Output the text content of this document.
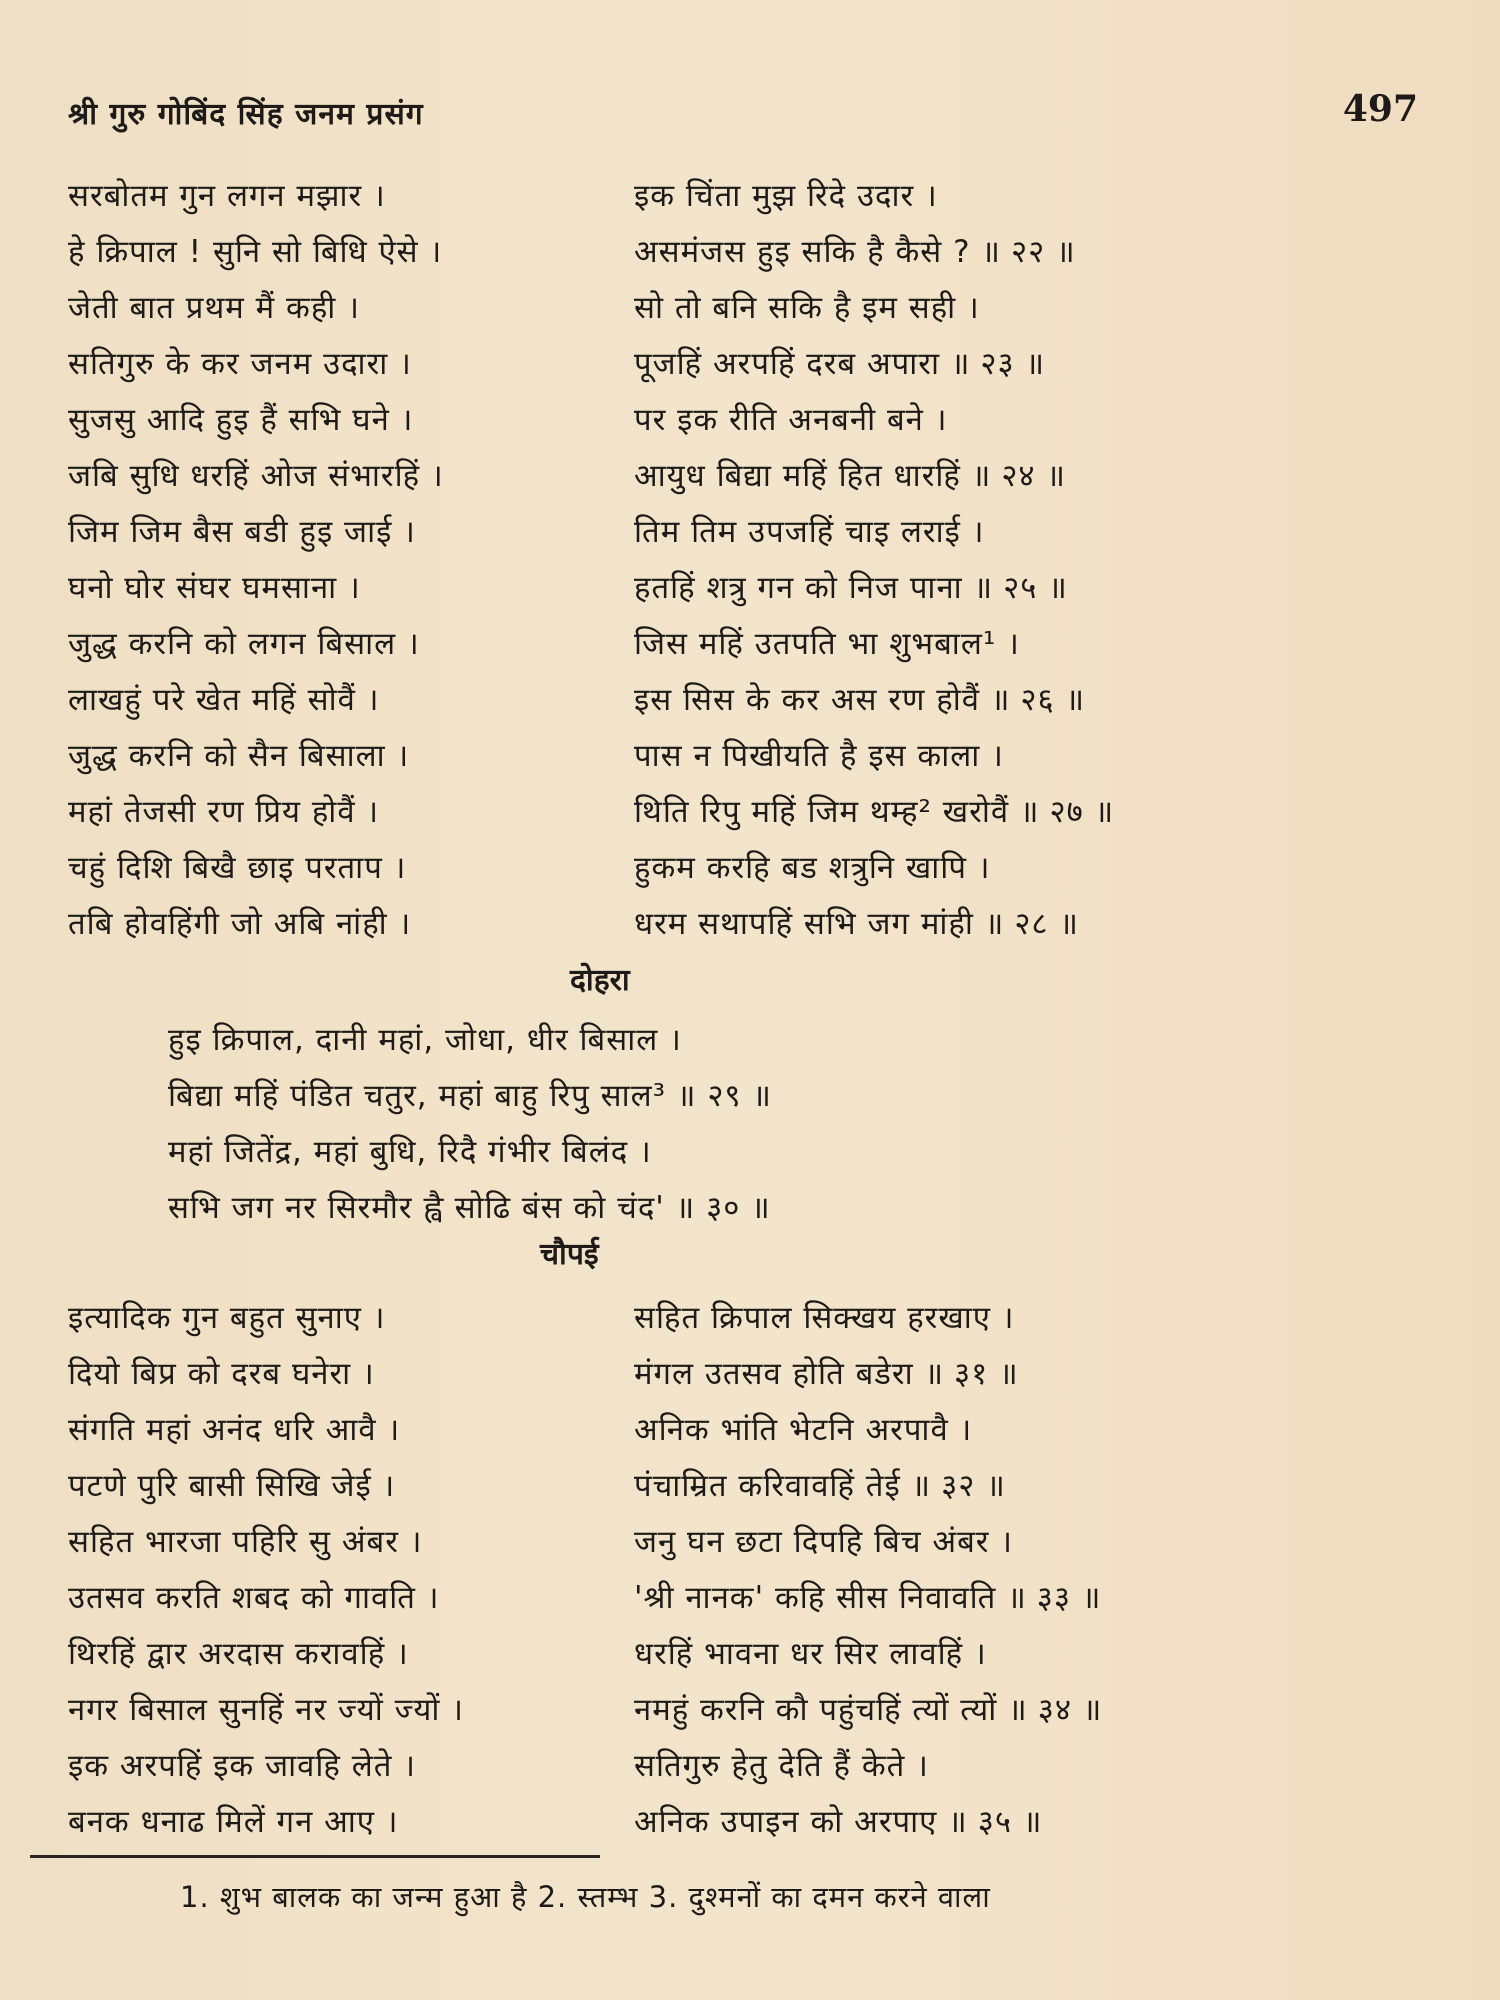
श्री गुरु गोबिंद सिंह जनम प्रसंग	497
सरबोतम गुन लगन मझार ।	इक चिंता मुझ रिदे उदार ।
हे क्रिपाल ! सुनि सो बिधि ऐसे ।	असमंजस हुइ सकि है कैसे ? ॥ २२ ॥
जेती बात प्रथम मैं कही ।	सो तो बनि सकि है इम सही ।
सतिगुरु के कर जनम उदारा ।	पूजहिं अरपहिं दरब अपारा ॥ २३ ॥
सुजसु आदि हुइ हैं सभि घने ।	पर इक रीति अनबनी बने ।
जबि सुधि धरहिं ओज संभारहिं ।	आयुध बिद्या महिं हित धारहिं ॥ २४ ॥
जिम जिम बैस बडी हुइ जाई ।	तिम तिम उपजहिं चाइ लराई ।
घनो घोर संघर घमसाना ।	हतहिं शत्रु गन को निज पाना ॥ २५ ॥
जुद्ध करनि को लगन बिसाल ।	जिस महिं उतपति भा शुभबाल¹ ।
लाखहुं परे खेत महिं सोवैं ।	इस सिस के कर अस रण होवैं ॥ २६ ॥
जुद्ध करनि को सैन बिसाला ।	पास न पिखीयति है इस काला ।
महां तेजसी रण प्रिय होवैं ।	थिति रिपु महिं जिम थम्ह² खरोवैं ॥ २७ ॥
चहुं दिशि बिखै छाइ परताप ।	हुकम करहि बड शत्रुनि खापि ।
तबि होवहिंगी जो अबि नांही ।	धरम सथापहिं सभि जग मांही ॥ २८ ॥
दोहरा
हुइ क्रिपाल, दानी महां, जोधा, धीर बिसाल ।
बिद्या महिं पंडित चतुर, महां बाहु रिपु साल³ ॥ २९ ॥
महां जितेंद्र, महां बुधि, रिदै गंभीर बिलंद ।
सभि जग नर सिरमौर ह्वै सोढि बंस को चंद' ॥ ३० ॥
चौपई
इत्यादिक गुन बहुत सुनाए ।	सहित क्रिपाल सिक्खय हरखाए ।
दियो बिप्र को दरब घनेरा ।	मंगल उतसव होति बडेरा ॥ ३१ ॥
संगति महां अनंद धरि आवै ।	अनिक भांति भेटनि अरपावै ।
पटणे पुरि बासी सिखि जेई ।	पंचाम्रित करिवावहिं तेई ॥ ३२ ॥
सहित भारजा पहिरि सु अंबर ।	जनु घन छटा दिपहि बिच अंबर ।
उतसव करति शबद को गावति ।	'श्री नानक' कहि सीस निवावति ॥ ३३ ॥
थिरहिं द्वार अरदास करावहिं ।	धरहिं भावना धर सिर लावहिं ।
नगर बिसाल सुनहिं नर ज्यों ज्यों ।	नमहुं करनि कौ पहुंचहिं त्यों त्यों ॥ ३४ ॥
इक अरपहिं इक जावहि लेते ।	सतिगुरु हेतु देति हैं केते ।
बनक धनाढ मिलें गन आए ।	अनिक उपाइन को अरपाए ॥ ३५ ॥
1. शुभ बालक का जन्म हुआ है 2. स्तम्भ 3. दुश्मनों का दमन करने वाला
